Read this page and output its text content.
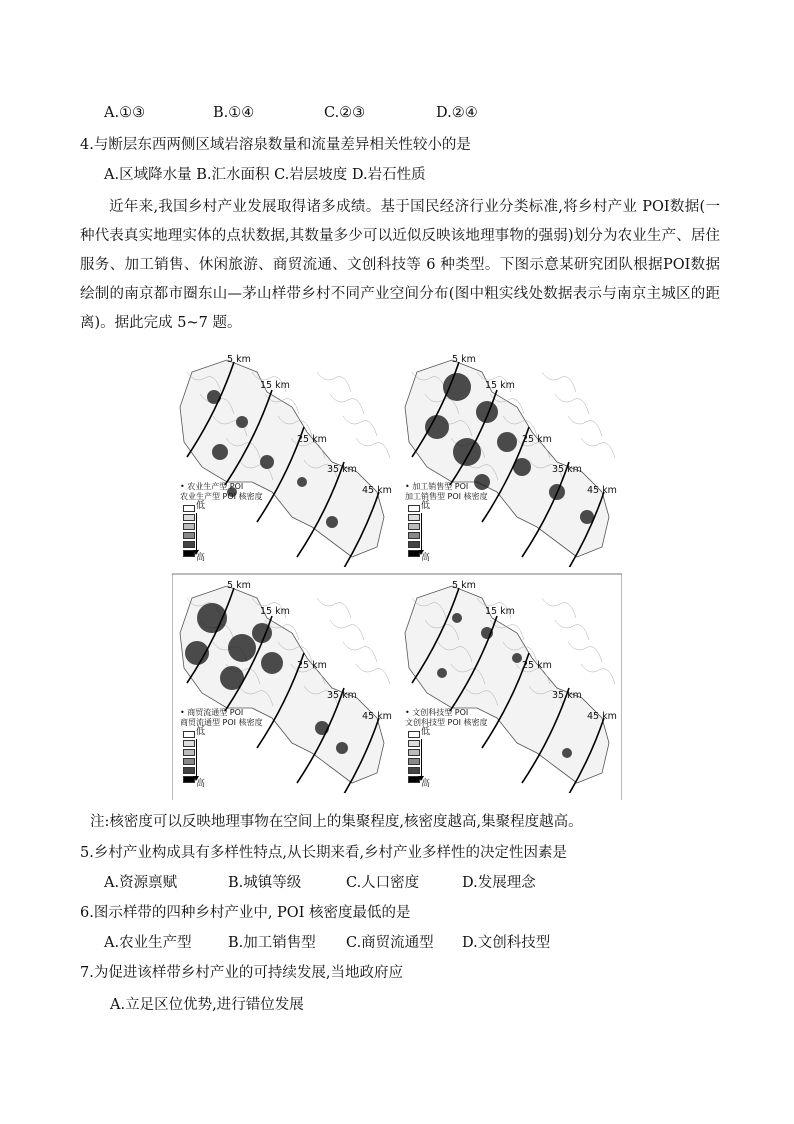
A.①③	B.①④	C.②③	D.②④
4.与断层东西两侧区域岩溶泉数量和流量差异相关性较小的是
A.区域降水量 B.汇水面积 C.岩层坡度 D.岩石性质

近年来,我国乡村产业发展取得诸多成绩。基于国民经济行业分类标准,将乡村产业 POI数据(一种代表真实地理实体的点状数据,其数量多少可以近似反映该地理事物的强弱)划分为农业生产、居住服务、加工销售、休闲旅游、商贸流通、文创科技等 6 种类型。下图示意某研究团队根据POI数据绘制的南京都市圈东山—茅山样带乡村不同产业空间分布(图中粗实线处数据表示与南京主城区的距离)。据此完成 5~7 题。

5 km
15 km
25 km
35 km
45 km
• 农业生产型 POI
农业生产型 POI 核密度
低
高
5 km
15 km
25 km
35 km
45 km
• 加工销售型 POI
加工销售型 POI 核密度
低
高
5 km
15 km
25 km
35 km
45 km
• 商贸流通型 POI
商贸流通型 POI 核密度
低
高
5 km
15 km
25 km
35 km
45 km
• 文创科技型 POI
文创科技型 POI 核密度
低
高
注:核密度可以反映地理事物在空间上的集聚程度,核密度越高,集聚程度越高。
5.乡村产业构成具有多样性特点,从长期来看,乡村产业多样性的决定性因素是
A.资源禀赋	B.城镇等级	C.人口密度	D.发展理念
6.图示样带的四种乡村产业中, POI 核密度最低的是
A.农业生产型	B.加工销售型 C.商贸流通型 D.文创科技型
7.为促进该样带乡村产业的可持续发展,当地政府应
A.立足区位优势,进行错位发展
